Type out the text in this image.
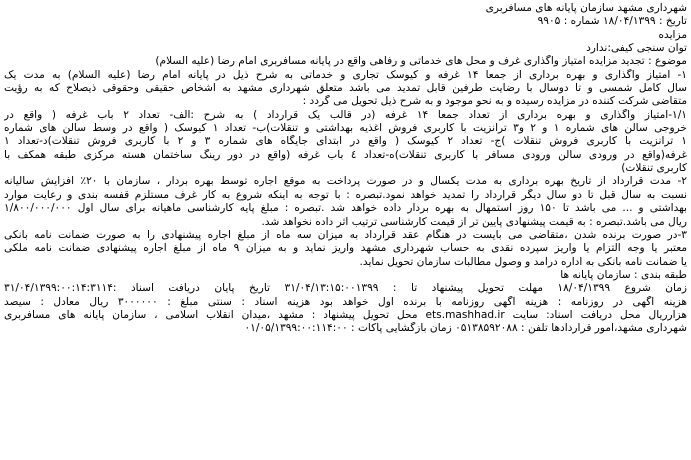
شهرداری مشهد سازمان پایانه های مسافربری
تاریخ : ۱۸/۰۴/۱۳۹۹ شماره : ۹۹۰۵
مزایده
توان سنجی کیفی:ندارد
موضوع : تجدید مزایده امتیاز واگذاری غرف و محل های خدماتی و رفاهی واقع در پایانه مسافربری امام رضا (علیه السلام)
۱- امتیاز واگذاری و بهره برداری از جمعا ۱۴ غرفه و کیوسک تجاری و خدماتی به شرح ذیل در پایانه امام رضا (علیه السلام) به مدت یک
سال کامل شمسی و تا دوسال با رضایت طرفین قابل تمدید می باشد متعلق شهرداری مشهد به اشخاص حقیقی وحقوقی ذیصلاح که به رؤیت
متقاضی شرکت کننده در مزایده رسیده و به نحو موجود و به شرح ذیل تحویل می گردد :
۱/۱-امتیاز واگذاری و بهره برداری از تعداد جمعاً ۱۴ غرفه (در قالب یک قرارداد ) به شرح :الف- تعداد ۲ باب غرفه ( واقع در
خروجی سالن های شماره ۱ و ۲ و۳ ترانزیت با کاربری فروش اغذیه بهداشتی و تنقلات)ب- تعداد ۱ کیوسک ( واقع در وسط سالن های شماره
۱ ترانزیت با کاربری فروش تنقلات )ج- تعداد ۲ کیوسک ( واقع در ابتدای جایگاه های شماره ۳ و ۲ با کاربری فروش تنقلات)د-تعداد ۱
غرفه(واقع در ورودی سالن ورودی مسافر با کاربری تنقلات)ه-تعداد ٤ باب غرفه (واقع در دور رینگ ساختمان هسته مرکزی طبقه همکف با
کاربری تنقلات)
۲- مدت قرارداد از تاریخ بهره برداری به مدت یکسال و در صورت پرداخت به موقع اجاره توسط بهره بردار ، سازمان با ۲۰٪ افزایش سالیانه
نسبت به سال قبل تا دو سال دیگر قرارداد را تمدید خواهد نمود.تبصره : با توجه به اینکه شروع به کار غرف مستلزم قفسه بندی و رعایت موارد
بهداشتی و ... می باشد تا ۱۵۰ روز استمهال به بهره بردار داده خواهد شد .تبصره : مبلغ پایه کارشناسی ماهیانه برای سال اول ۱/۸۰۰/۰۰۰/۰۰۰
ریال می باشد.تبصره : به قیمت پیشنهادی پایین تر از قیمت کارشناسی ترتیب اثر داده نخواهد شد.
۳-در صورت برنده شدن ،متقاضی می بایست در هنگام عقد قرارداد به میزان سه ماه از مبلغ اجاره پیشنهادی را به صورت ضمانت نامه بانکی
معتبر یا وجه التزام یا واریز سپرده نقدی به حساب شهرداری مشهد واریز نماید و به میزان ۹ ماه از مبلغ اجاره پیشنهادی ضمانت نامه ملکی
یا ضمانت نامه بانکی به اداره درآمد و وصول مطالبات سازمان تحویل نماید.
طبقه بندی : سازمان پایانه ها
زمان شروع ۱۸/۰۴/۱۳۹۹ مهلت تحویل پیشنهاد تا : ۳۱/۰۴/۱۳:۱۵:۰۰۱۳۹۹ تاریخ پایان دریافت اسناد :۳۱/۰۴/۱۳۹۹:۰۰:۱۴:۳۱۱۴
هزینه آگهی در روزنامه : هزینه آگهی روزنامه با برنده اول خواهد بود هزینه اسناد : سنتی مبلغ : ۳۰۰۰۰۰۰ ریال معادل : سیصد
هزارریال محل دریافت اسناد: سایت ets.mashhad.ir محل تحویل پیشنهاد : مشهد ،میدان انقلاب اسلامی ، سازمان پایانه های مسافربری
شهرداری مشهد،امور قراردادها تلفن : ۰۵۱۳۸۵۹۲۰۸۸ زمان بازگشایی پاکات : ۰۱/۰۵/۱۳۹۹:۰۰:۱۱۴:۰۰
